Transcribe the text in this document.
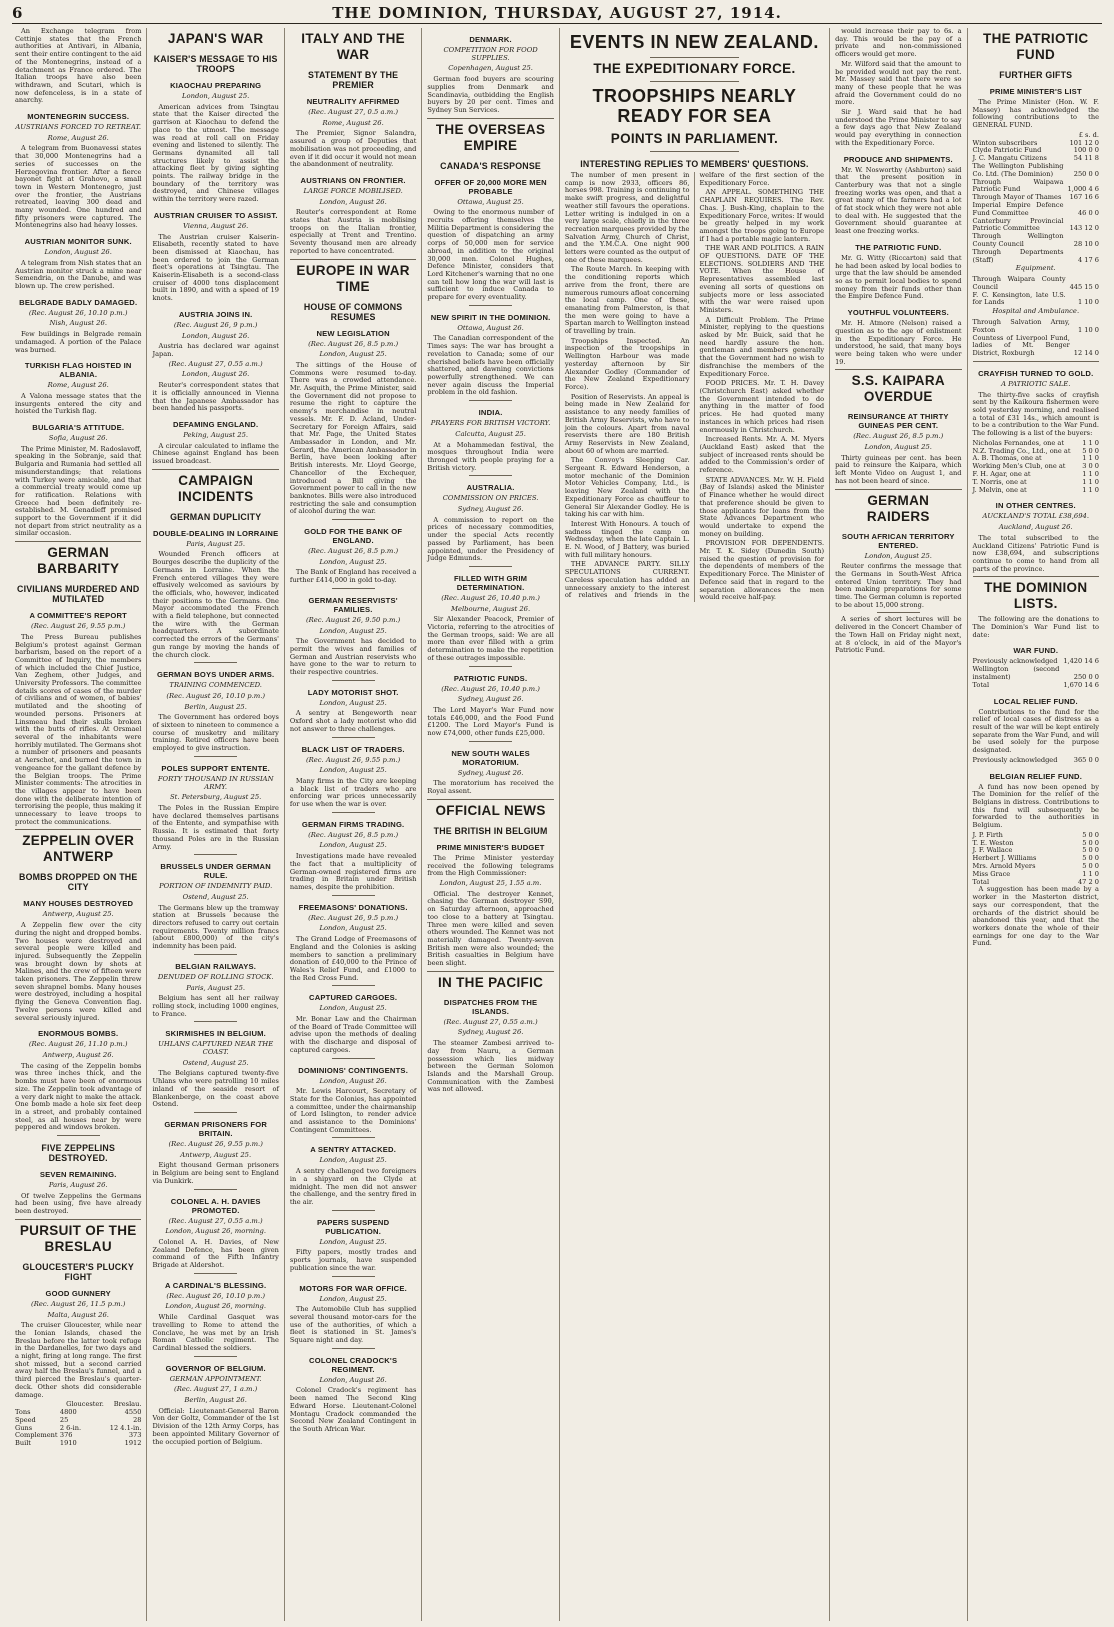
6	THE DOMINION, THURSDAY, AUGUST 27, 1914.

An Exchange telegram from Cettinje states that the French authorities at Antivari, in Albania, sent their entire contingent to the aid of the Montenegrins, instead of a detachment as France ordered. The Italian troops have also been withdrawn, and Scutari, which is now defenceless, is in a state of anarchy.

MONTENEGRIN SUCCESS.
AUSTRIANS FORCED TO RETREAT.
Rome, August 26.

A telegram from Buonavessi states that 30,000 Montenegrins had a series of successes on the Herzegovina frontier. After a fierce bayonet fight at Grahovo, a small town in Western Montenegro, just over the frontier, the Austrians retreated, leaving 300 dead and many wounded. One hundred and fifty prisoners were captured. The Montenegrins also had heavy losses.

AUSTRIAN MONITOR SUNK.
London, August 26.

A telegram from Nish states that an Austrian monitor struck a mine near Semendria, on the Danube, and was blown up. The crew perished.

BELGRADE BADLY DAMAGED.
(Rec. August 26, 10.10 p.m.)
Nish, August 26.

Few buildings in Belgrade remain undamaged. A portion of the Palace was burned.

TURKISH FLAG HOISTED IN ALBANIA.
Rome, August 26.

A Valona message states that the insurgents entered the city and hoisted the Turkish flag.

BULGARIA'S ATTITUDE.
Sofia, August 26.

The Prime Minister, M. Radoslavoff, speaking in the Sobranje, said that Bulgaria and Rumania had settled all misunderstandings; that relations with Turkey were amicable, and that a commercial treaty would come up for ratification. Relations with Greece had been definitely re-established. M. Genadieff promised support to the Government if it did not depart from strict neutrality as a similar occasion.

GERMAN BARBARITY
CIVILIANS MURDERED AND MUTILATED
A COMMITTEE'S REPORT
(Rec. August 26, 9.55 p.m.)

The Press Bureau publishes Belgium's protest against German barbarism, based on the report of a Committee of Inquiry, the members of which included the Chief Justice, Van Zeghem, other Judges, and University Professors. The committee details scores of cases of the murder of civilians and of women, of babies' mutilated and the shooting of wounded persons. Prisoners at Linsmeau had their skulls broken with the butts of rifles. At Orsmael several of the inhabitants were horribly mutilated. The Germans shot a number of prisoners and peasants at Aerschot, and burned the town in vengeance for the gallant defence by the Belgian troops. The Prime Minister comments: The atrocities in the villages appear to have been done with the deliberate intention of terrorising the people, thus making it unnecessary to leave troops to protect the communications.

ZEPPELIN OVER ANTWERP
BOMBS DROPPED ON THE CITY
MANY HOUSES DESTROYED
Antwerp, August 25.

A Zeppelin flew over the city during the night and dropped bombs. Two houses were destroyed and several people were killed and injured. Subsequently the Zeppelin was brought down by shots at Malines, and the crew of fifteen were taken prisoners. The Zeppelin threw seven shrapnel bombs. Many houses were destroyed, including a hospital flying the Geneva Convention flag. Twelve persons were killed and several seriously injured.

ENORMOUS BOMBS.
(Rec. August 26, 11.10 p.m.)
Antwerp, August 26.

The casing of the Zeppelin bombs was three inches thick, and the bombs must have been of enormous size. The Zeppelin took advantage of a very dark night to make the attack. One bomb made a hole six feet deep in a street, and probably contained steel, as all houses near by were peppered and windows broken.

FIVE ZEPPELINS DESTROYED.
SEVEN REMAINING.
Paris, August 26.

Of twelve Zeppelins the Germans had been using, five have already been destroyed.

PURSUIT OF THE BRESLAU
GLOUCESTER'S PLUCKY FIGHT
GOOD GUNNERY
(Rec. August 26, 11.5 p.m.)
Malta, August 26.

The cruiser Gloucester, while near the Ionian Islands, chased the Breslau before the latter took refuge in the Dardanelles, for two days and a night, firing at long range. The first shot missed, but a second carried away half the Breslau's funnel, and a third pierced the Breslau's quarter-deck. Other shots did considerable damage.

	Gloucester.	Breslau.
Tons	4800	4550
Speed	25	28
Guns	2 6-in.	12 4.1-in.
Complement	376	373
Built	1910	1912
JAPAN'S WAR
KAISER'S MESSAGE TO HIS TROOPS
KIAOCHAU PREPARING
London, August 25.

American advices from Tsingtau state that the Kaiser directed the garrison at Kiaochau to defend the place to the utmost. The message was read at roll call on Friday evening and listened to silently. The Germans dynamited all tall structures likely to assist the attacking fleet by giving sighting points. The railway bridge in the boundary of the territory was destroyed, and Chinese villages within the territory were razed.

AUSTRIAN CRUISER TO ASSIST.
Vienna, August 26.

The Austrian cruiser Kaiserin-Elisabeth, recently stated to have been dismissed at Kiaochau, has been ordered to join the German fleet's operations at Tsingtau. The Kaiserin-Elisabeth is a second-class cruiser of 4000 tons displacement built in 1890, and with a speed of 19 knots.

AUSTRIA JOINS IN.
(Rec. August 26, 9 p.m.)
London, August 26.

Austria has declared war against Japan.

(Rec. August 27, 0.55 a.m.)
London, August 26.

Reuter's correspondent states that it is officially announced in Vienna that the Japanese Ambassador has been handed his passports.

DEFAMING ENGLAND.
Peking, August 25.

A circular calculated to inflame the Chinese against England has been issued broadcast.

CAMPAIGN INCIDENTS
GERMAN DUPLICITY
DOUBLE-DEALING IN LORRAINE
Paris, August 25.

Wounded French officers at Bourges describe the duplicity of the Germans in Lorraine. When the French entered villages they were effusively welcomed as saviours by the officials, who, however, indicated their positions to the Germans. One Mayor accommodated the French with a field telephone, but connected the wire with the German headquarters. A subordinate corrected the errors of the Germans' gun range by moving the hands of the church clock.

GERMAN BOYS UNDER ARMS.
TRAINING COMMENCED.
(Rec. August 26, 10.10 p.m.)
Berlin, August 25.

The Government has ordered boys of sixteen to nineteen to commence a course of musketry and military training. Retired officers have been employed to give instruction.

POLES SUPPORT ENTENTE.
FORTY THOUSAND IN RUSSIAN ARMY.
St. Petersburg, August 25.

The Poles in the Russian Empire have declared themselves partisans of the Entente, and sympathise with Russia. It is estimated that forty thousand Poles are in the Russian Army.

BRUSSELS UNDER GERMAN RULE.
PORTION OF INDEMNITY PAID.
Ostend, August 25.

The Germans blew up the tramway station at Brussels because the directors refused to carry out certain requirements. Twenty million francs (about £800,000) of the city's indemnity has been paid.

BELGIAN RAILWAYS.
DENUDED OF ROLLING STOCK.
Paris, August 25.

Belgium has sent all her railway rolling stock, including 1000 engines, to France.

SKIRMISHES IN BELGIUM.
UHLANS CAPTURED NEAR THE COAST.
Ostend, August 25.

The Belgians captured twenty-five Uhlans who were patrolling 10 miles inland of the seaside resort of Blankenberge, on the coast above Ostend.

GERMAN PRISONERS FOR BRITAIN.
(Rec. August 26, 9.55 p.m.)
Antwerp, August 25.

Eight thousand German prisoners in Belgium are being sent to England via Dunkirk.

COLONEL A. H. DAVIES PROMOTED.
(Rec. August 27, 0.55 a.m.)
London, August 26, morning.

Colonel A. H. Davies, of New Zealand Defence, has been given command of the Fifth Infantry Brigade at Aldershot.

A CARDINAL'S BLESSING.
(Rec. August 26, 10.10 p.m.)
London, August 26, morning.

While Cardinal Gasquet was travelling to Rome to attend the Conclave, he was met by an Irish Roman Catholic regiment. The Cardinal blessed the soldiers.

GOVERNOR OF BELGIUM.
GERMAN APPOINTMENT.
(Rec. August 27, 1 a.m.)
Berlin, August 26.

Official: Lieutenant-General Baron Von der Goltz, Commander of the 1st Division of the 12th Army Corps, has been appointed Military Governor of the occupied portion of Belgium.

ITALY AND THE WAR
STATEMENT BY THE PREMIER
NEUTRALITY AFFIRMED
(Rec. August 27, 0.5 a.m.)
Rome, August 26.

The Premier, Signor Salandra, assured a group of Deputies that mobilisation was not proceeding, and even if it did occur it would not mean the abandonment of neutrality.

AUSTRIANS ON FRONTIER.
LARGE FORCE MOBILISED.
London, August 26.

Reuter's correspondent at Rome states that Austria is mobilising troops on the Italian frontier, especially at Trent and Trentino. Seventy thousand men are already reported to have concentrated.

EUROPE IN WAR TIME
HOUSE OF COMMONS RESUMES
NEW LEGISLATION
(Rec. August 26, 8.5 p.m.)
London, August 25.

The sittings of the House of Commons were resumed to-day. There was a crowded attendance. Mr. Asquith, the Prime Minister, said the Government did not propose to resume the right to capture the enemy's merchandise in neutral vessels. Mr. F. D. Acland, Under-Secretary for Foreign Affairs, said that Mr. Page, the United States Ambassador in London, and Mr. Gerard, the American Ambassador in Berlin, have been looking after British interests. Mr. Lloyd George, Chancellor of the Exchequer, introduced a Bill giving the Government power to call in the new banknotes. Bills were also introduced restricting the sale and consumption of alcohol during the war.

GOLD FOR THE BANK OF ENGLAND.
(Rec. August 26, 8.5 p.m.)
London, August 25.

The Bank of England has received a further £414,000 in gold to-day.

GERMAN RESERVISTS' FAMILIES.
(Rec. August 26, 9.50 p.m.)
London, August 25.

The Government has decided to permit the wives and families of German and Austrian reservists who have gone to the war to return to their respective countries.

LADY MOTORIST SHOT.
London, August 25.

A sentry at Bengeworth near Oxford shot a lady motorist who did not answer to three challenges.

BLACK LIST OF TRADERS.
(Rec. August 26, 9.55 p.m.)
London, August 25.

Many firms in the City are keeping a black list of traders who are enforcing war prices unnecessarily for use when the war is over.

GERMAN FIRMS TRADING.
(Rec. August 26, 8.5 p.m.)
London, August 25.

Investigations made have revealed the fact that a multiplicity of German-owned registered firms are trading in Britain under British names, despite the prohibition.

FREEMASONS' DONATIONS.
(Rec. August 26, 9.5 p.m.)
London, August 25.

The Grand Lodge of Freemasons of England and the Colonies is asking members to sanction a preliminary donation of £40,000 to the Prince of Wales's Relief Fund, and £1000 to the Red Cross Fund.

CAPTURED CARGOES.
London, August 25.

Mr. Bonar Law and the Chairman of the Board of Trade Committee will advise upon the methods of dealing with the discharge and disposal of captured cargoes.

DOMINIONS' CONTINGENTS.
London, August 26.

Mr. Lewis Harcourt, Secretary of State for the Colonies, has appointed a committee, under the chairmanship of Lord Islington, to render advice and assistance to the Dominions' Contingent Committees.

A SENTRY ATTACKED.
London, August 25.

A sentry challenged two foreigners in a shipyard on the Clyde at midnight. The men did not answer the challenge, and the sentry fired in the air.

PAPERS SUSPEND PUBLICATION.
London, August 25.

Fifty papers, mostly trades and sports journals, have suspended publication since the war.

MOTORS FOR WAR OFFICE.
London, August 25.

The Automobile Club has supplied several thousand motor-cars for the use of the authorities, of which a fleet is stationed in St. James's Square night and day.

COLONEL CRADOCK'S REGIMENT.
London, August 26.

Colonel Cradock's regiment has been named The Second King Edward Horse. Lieutenant-Colonel Montagu Cradock commanded the Second New Zealand Contingent in the South African War.

DENMARK.
COMPETITION FOR FOOD SUPPLIES.
Copenhagen, August 25.

German food buyers are scouring supplies from Denmark and Scandinavia, outbidding the English buyers by 20 per cent. Times and Sydney Sun Services.

THE OVERSEAS EMPIRE
CANADA'S RESPONSE
OFFER OF 20,000 MORE MEN PROBABLE
Ottawa, August 25.

Owing to the enormous number of recruits offering themselves the Militia Department is considering the question of dispatching an army corps of 50,000 men for service abroad, in addition to the original 30,000 men. Colonel Hughes, Defence Minister, considers that Lord Kitchener's warning that no one can tell how long the war will last is sufficient to induce Canada to prepare for every eventuality.

NEW SPIRIT IN THE DOMINION.
Ottawa, August 26.

The Canadian correspondent of the Times says: The war has brought a revelation to Canada; some of our cherished beliefs have been officially shattered, and dawning convictions powerfully strengthened. We can never again discuss the Imperial problem in the old fashion.

INDIA.
PRAYERS FOR BRITISH VICTORY.
Calcutta, August 25.

At a Mohammedan festival, the mosques throughout India were thronged with people praying for a British victory.

AUSTRALIA.
COMMISSION ON PRICES.
Sydney, August 26.

A commission to report on the prices of necessary commodities, under the special Acts recently passed by Parliament, has been appointed, under the Presidency of Judge Edmunds.

FILLED WITH GRIM DETERMINATION.
(Rec. August 26, 10.40 p.m.)
Melbourne, August 26.

Sir Alexander Peacock, Premier of Victoria, referring to the atrocities of the German troops, said: We are all more than ever filled with a grim determination to make the repetition of these outrages impossible.

PATRIOTIC FUNDS.
(Rec. August 26, 10.40 p.m.)
Sydney, August 26.

The Lord Mayor's War Fund now totals £46,000, and the Food Fund £1200. The Lord Mayor's Fund is now £74,000, other funds £25,000.

NEW SOUTH WALES MORATORIUM.
Sydney, August 26.

The moratorium has received the Royal assent.

OFFICIAL NEWS
THE BRITISH IN BELGIUM
PRIME MINISTER'S BUDGET

The Prime Minister yesterday received the following telegrams from the High Commissioner:

London, August 25, 1.55 a.m.

Official. The destroyer Kennet, chasing the German destroyer S90, on Saturday afternoon, approached too close to a battery at Tsingtau. Three men were killed and seven others wounded. The Kennet was not materially damaged. Twenty-seven British men were also wounded; the British casualties in Belgium have been slight.

IN THE PACIFIC
DISPATCHES FROM THE ISLANDS.
(Rec. August 27, 0.55 a.m.)
Sydney, August 26.

The steamer Zambesi arrived to-day from Nauru, a German possession which lies midway between the German Solomon Islands and the Marshall Group. Communication with the Zambesi was not allowed.

EVENTS IN NEW ZEALAND.
THE EXPEDITIONARY FORCE.
TROOPSHIPS NEARLY READY FOR SEA
POINTS IN PARLIAMENT.
INTERESTING REPLIES TO MEMBERS' QUESTIONS.

The number of men present in camp is now 2933, officers 86, horses 998. Training is continuing to make swift progress, and delightful weather still favours the operations. Letter writing is indulged in on a very large scale, chiefly in the three recreation marquees provided by the Salvation Army, Church of Christ, and the Y.M.C.A. One night 900 letters were counted as the output of one of these marquees.

The Route March. In keeping with the conditioning reports which arrive from the front, there are numerous rumours afloat concerning the local camp. One of these, emanating from Palmerston, is that the men were going to have a Spartan march to Wellington instead of travelling by train.

Troopships Inspected. An inspection of the troopships in Wellington Harbour was made yesterday afternoon by Sir Alexander Godley (Commander of the New Zealand Expeditionary Force).

Position of Reservists. An appeal is being made in New Zealand for assistance to any needy families of British Army Reservists, who have to join the colours. Apart from naval reservists there are 180 British Army Reservists in New Zealand, about 60 of whom are married.

The Convoy's Sleeping Car. Sergeant R. Edward Henderson, a motor mechanic of the Dominion Motor Vehicles Company, Ltd., is leaving New Zealand with the Expeditionary Force as chauffeur to General Sir Alexander Godley. He is taking his car with him.

Interest With Honours. A touch of sadness tinged the camp on Wednesday, when the late Captain L. E. N. Wood, of J Battery, was buried with full military honours.

THE ADVANCE PARTY. SILLY SPECULATIONS CURRENT. Careless speculation has added an unnecessary anxiety to the interest of relatives and friends in the welfare of the first section of the Expeditionary Force.

AN APPEAL. SOMETHING THE CHAPLAIN REQUIRES. The Rev. Chas. J. Bush-King, chaplain to the Expeditionary Force, writes: If would be greatly helped in my work amongst the troops going to Europe if I had a portable magic lantern.

THE WAR AND POLITICS. A RAIN OF QUESTIONS. DATE OF THE ELECTIONS. SOLDIERS AND THE VOTE. When the House of Representatives assembled last evening all sorts of questions on subjects more or less associated with the war were raised upon Ministers.

A Difficult Problem. The Prime Minister, replying to the questions asked by Mr. Buick, said that he need hardly assure the hon. gentleman and members generally that the Government had no wish to disfranchise the members of the Expeditionary Force.

FOOD PRICES. Mr. T. H. Davey (Christchurch East) asked whether the Government intended to do anything in the matter of food prices. He had quoted many instances in which prices had risen enormously in Christchurch.

Increased Rents. Mr. A. M. Myers (Auckland East) asked that the subject of increased rents should be added to the Commission's order of reference.

STATE ADVANCES. Mr. W. H. Field (Bay of Islands) asked the Minister of Finance whether he would direct that preference should be given to those applicants for loans from the State Advances Department who would undertake to expend the money on building.

PROVISION FOR DEPENDENTS. Mr. T. K. Sidey (Dunedin South) raised the question of provision for the dependents of members of the Expeditionary Force. The Minister of Defence said that in regard to the separation allowances the men would receive half-pay.

would increase their pay to 6s. a day. This would be the pay of a private and non-commissioned officers would get more.

Mr. Wilford said that the amount to be provided would not pay the rent. Mr. Massey said that there were so many of these people that he was afraid the Government could do no more.

Sir J. Ward said that he had understood the Prime Minister to say a few days ago that New Zealand would pay everything in connection with the Expeditionary Force.

PRODUCE AND SHIPMENTS.

Mr. W. Nosworthy (Ashburton) said that the present position in Canterbury was that not a single freezing works was open, and that a great many of the farmers had a lot of fat stock which they were not able to deal with. He suggested that the Government should guarantee at least one freezing works.

THE PATRIOTIC FUND.

Mr. G. Witty (Riccarton) said that he had been asked by local bodies to urge that the law should be amended so as to permit local bodies to spend money from their funds other than the Empire Defence Fund.

YOUTHFUL VOLUNTEERS.

Mr. H. Atmore (Nelson) raised a question as to the age of enlistment in the Expeditionary Force. He understood, he said, that many boys were being taken who were under 19.

S.S. KAIPARA OVERDUE
REINSURANCE AT THIRTY GUINEAS PER CENT.
(Rec. August 26, 8.5 p.m.)
London, August 25.

Thirty guineas per cent. has been paid to reinsure the Kaipara, which left Monte Video on August 1, and has not been heard of since.

GERMAN RAIDERS
SOUTH AFRICAN TERRITORY ENTERED.
London, August 25.

Reuter confirms the message that the Germans in South-West Africa entered Union territory. They had been making preparations for some time. The German column is reported to be about 15,000 strong.

A series of short lectures will be delivered in the Concert Chamber of the Town Hall on Friday night next, at 8 o'clock, in aid of the Mayor's Patriotic Fund.

THE PATRIOTIC FUND
FURTHER GIFTS
PRIME MINISTER'S LIST

The Prime Minister (Hon. W. F. Massey) has acknowledged the following contributions to the GENERAL FUND.

	£ s. d.
Winton subscribers	101 12 0
Clyde Patriotic Fund	100 0 0
J. C. Mangatu Citizens	54 11 8
The Wellington Publishing Co. Ltd. (The Dominion)	250 0 0
Through Waipawa Patriotic Fund	1,000 4 6
Through Mayor of Thames	167 16 6
Imperial Empire Defence Fund Committee	46 0 0
Canterbury Provincial Patriotic Committee	143 12 0
Through Wellington County Council	28 10 0
Through Departments (Staff)	4 17 6
Equipment.
Through Waipara County Council	445 15 0
F. C. Kensington, late U.S. for Lands	1 10 0
Hospital and Ambulance.
Through Salvation Army, Foxton	1 10 0
Countess of Liverpool Fund, ladies of Mt. Benger District, Roxburgh	12 14 0
CRAYFISH TURNED TO GOLD.
A PATRIOTIC SALE.

The thirty-five sacks of crayfish sent by the Kaikoura fishermen were sold yesterday morning, and realised a total of £31 14s., which amount is to be a contribution to the War Fund. The following is a list of the buyers:

Nicholas Fernandes, one at	1 1 0
N.Z. Trading Co., Ltd., one at	5 0 0
A. B. Thomas, one at	1 1 0
Working Men's Club, one at	3 0 0
F. H. Agar, one at	1 1 0
T. Norris, one at	1 1 0
J. Melvin, one at	1 1 0
IN OTHER CENTRES.
AUCKLAND'S TOTAL £38,694.
Auckland, August 26.

The total subscribed to the Auckland Citizens' Patriotic Fund is now £38,694, and subscriptions continue to come to hand from all parts of the province.

THE DOMINION LISTS.

The following are the donations to The Dominion's War Fund list to date:

WAR FUND.
Previously acknowledged	1,420 14 6
Wellington (second instalment)	250 0 0
Total	1,670 14 6
LOCAL RELIEF FUND.

Contributions to the fund for the relief of local cases of distress as a result of the war will be kept entirely separate from the War Fund, and will be used solely for the purpose designated.

Previously acknowledged	365 0 0
BELGIAN RELIEF FUND.

A fund has now been opened by The Dominion for the relief of the Belgians in distress. Contributions to this fund will subsequently be forwarded to the authorities in Belgium.

J. P. Firth	5 0 0
T. E. Weston	5 0 0
J. F. Wallace	5 0 0
Herbert J. Williams	5 0 0
Mrs. Arnold Myers	5 0 0
Miss Grace	1 1 0
Total	47 2 0

A suggestion has been made by a worker in the Masterton district, says our correspondent, that the orchards of the district should be abandoned this year, and that the workers donate the whole of their earnings for one day to the War Fund.
